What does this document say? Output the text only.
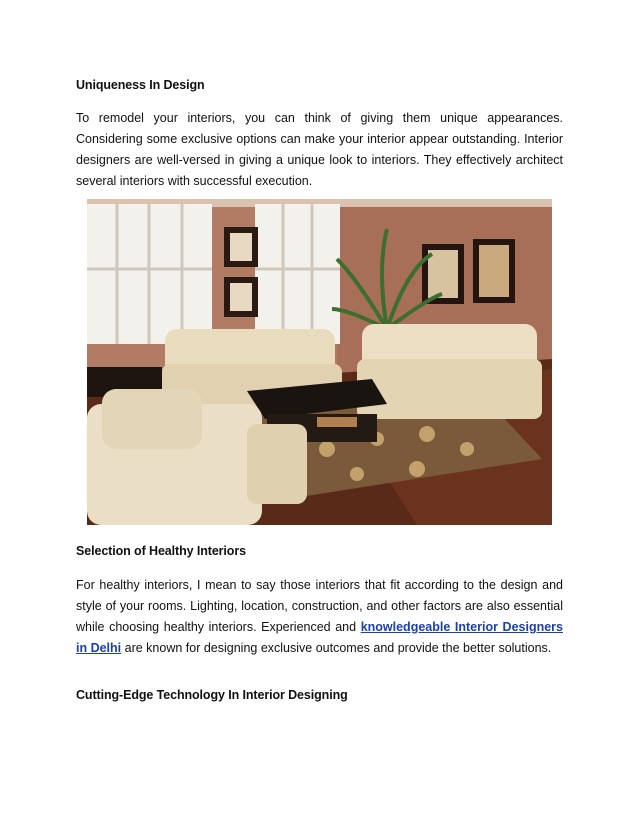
Uniqueness In Design
To remodel your interiors, you can think of giving them unique appearances. Considering some exclusive options can make your interior appear outstanding. Interior designers are well-versed in giving a unique look to interiors. They effectively architect several interiors with successful execution.
Selection of Healthy Interiors
For healthy interiors, I mean to say those interiors that fit according to the design and style of your rooms. Lighting, location, construction, and other factors are also essential while choosing healthy interiors. Experienced and knowledgeable Interior Designers in Delhi are known for designing exclusive outcomes and provide the better solutions.
Cutting-Edge Technology In Interior Designing
